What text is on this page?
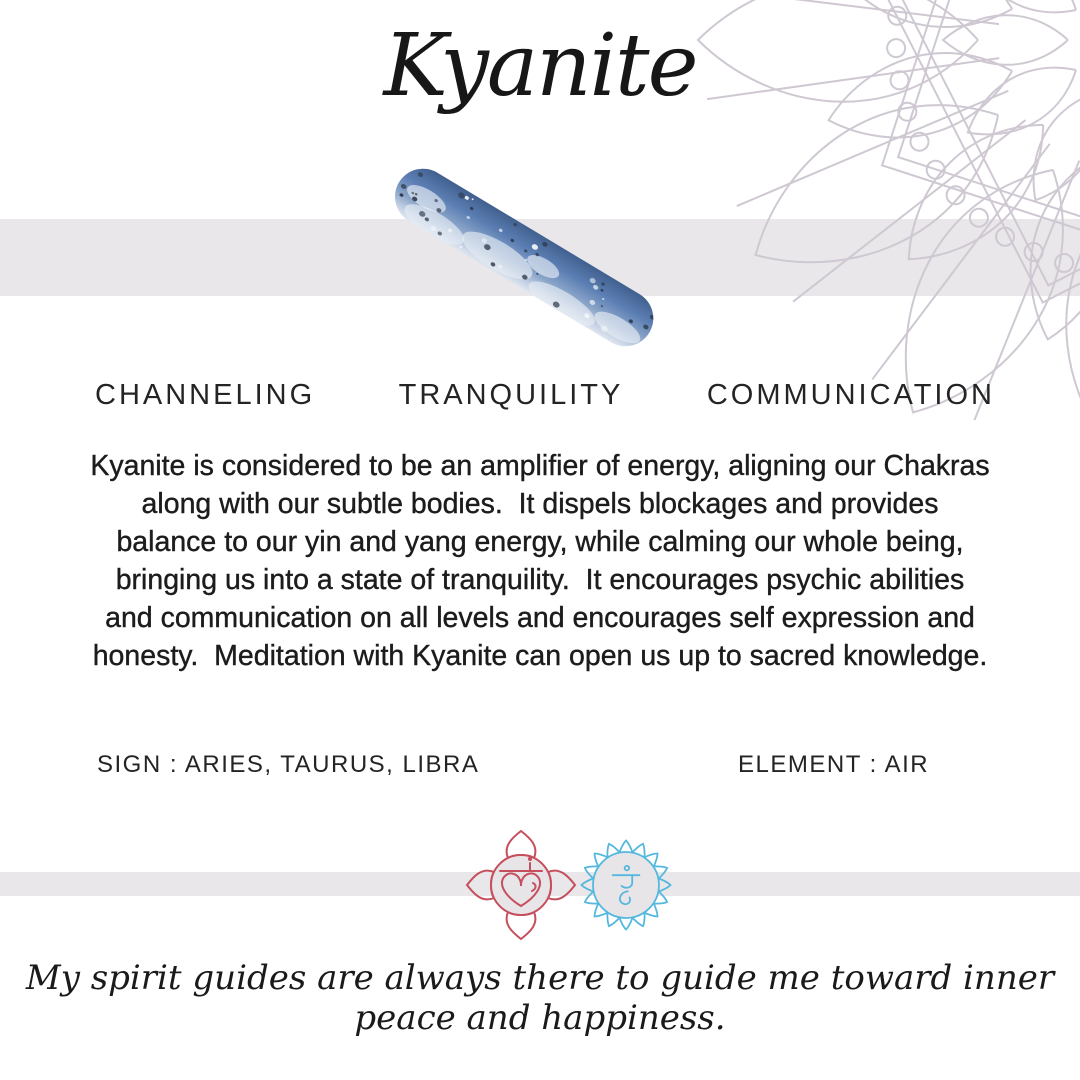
Kyanite
CHANNELING	TRANQUILITY	COMMUNICATION
Kyanite is considered to be an amplifier of energy, aligning our Chakras along with our subtle bodies.  It dispels blockages and provides balance to our yin and yang energy, while calming our whole being, bringing us into a state of tranquility.  It encourages psychic abilities and communication on all levels and encourages self expression and honesty.  Meditation with Kyanite can open us up to sacred knowledge.
SIGN : ARIES, TAURUS, LIBRA	ELEMENT : AIR
My spirit guides are always there to guide me toward inner peace and happiness.
